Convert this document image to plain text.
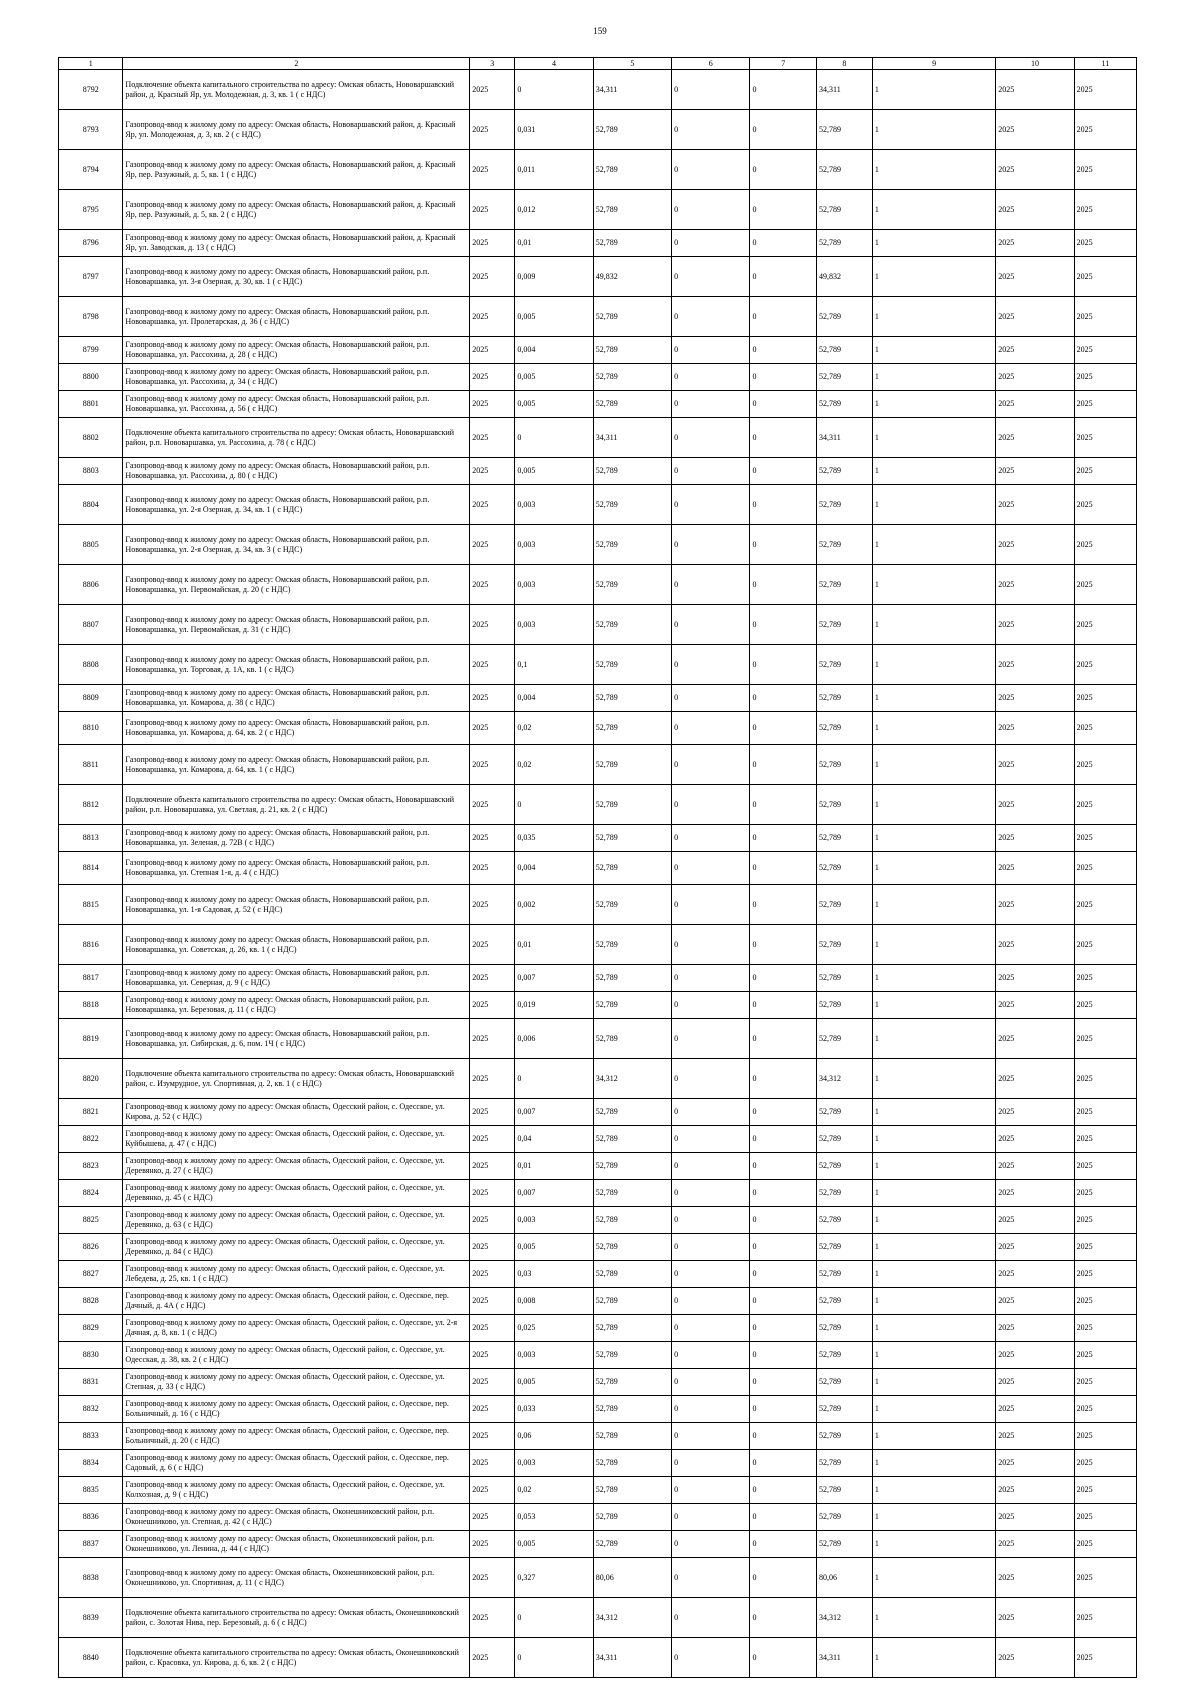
159
1	2	3	4	5	6	7	8	9	10	11
8792	Подключение объекта капитального строительства по адресу: Омская область, Нововаршавский район, д. Красный Яр, ул. Молодежная, д. 3, кв. 1 ( с НДС)	2025	0	34,311	0	0	34,311	1	2025	2025
8793	Газопровод-ввод к жилому дому по адресу: Омская область, Нововаршавский район, д. Красный Яр, ул. Молодежная, д. 3, кв. 2 ( с НДС)	2025	0,031	52,789	0	0	52,789	1	2025	2025
8794	Газопровод-ввод к жилому дому по адресу: Омская область, Нововаршавский район, д. Красный Яр, пер. Разужный, д. 5, кв. 1 ( с НДС)	2025	0,011	52,789	0	0	52,789	1	2025	2025
8795	Газопровод-ввод к жилому дому по адресу: Омская область, Нововаршавский район, д. Красный Яр, пер. Разужный, д. 5, кв. 2 ( с НДС)	2025	0,012	52,789	0	0	52,789	1	2025	2025
8796	Газопровод-ввод к жилому дому по адресу: Омская область, Нововаршавский район, д. Красный Яр, ул. Заводская, д. 13 ( с НДС)	2025	0,01	52,789	0	0	52,789	1	2025	2025
8797	Газопровод-ввод к жилому дому по адресу: Омская область, Нововаршавский район, р.п. Нововаршавка, ул. 3-я Озерная, д. 30, кв. 1 ( с НДС)	2025	0,009	49,832	0	0	49,832	1	2025	2025
8798	Газопровод-ввод к жилому дому по адресу: Омская область, Нововаршавский район, р.п. Нововаршавка, ул. Пролетарская, д. 36 ( с НДС)	2025	0,005	52,789	0	0	52,789	1	2025	2025
8799	Газопровод-ввод к жилому дому по адресу: Омская область, Нововаршавский район, р.п. Нововаршавка, ул. Рассохина, д. 28 ( с НДС)	2025	0,004	52,789	0	0	52,789	1	2025	2025
8800	Газопровод-ввод к жилому дому по адресу: Омская область, Нововаршавский район, р.п. Нововаршавка, ул. Рассохина, д. 34 ( с НДС)	2025	0,005	52,789	0	0	52,789	1	2025	2025
8801	Газопровод-ввод к жилому дому по адресу: Омская область, Нововаршавский район, р.п. Нововаршавка, ул. Рассохина, д. 56 ( с НДС)	2025	0,005	52,789	0	0	52,789	1	2025	2025
8802	Подключение объекта капитального строительства по адресу: Омская область, Нововаршавский район, р.п. Нововаршавка, ул. Рассохина, д. 78 ( с НДС)	2025	0	34,311	0	0	34,311	1	2025	2025
8803	Газопровод-ввод к жилому дому по адресу: Омская область, Нововаршавский район, р.п. Нововаршавка, ул. Рассохина, д. 80 ( с НДС)	2025	0,005	52,789	0	0	52,789	1	2025	2025
8804	Газопровод-ввод к жилому дому по адресу: Омская область, Нововаршавский район, р.п. Нововаршавка, ул. 2-я Озерная, д. 34, кв. 1 ( с НДС)	2025	0,003	52,789	0	0	52,789	1	2025	2025
8805	Газопровод-ввод к жилому дому по адресу: Омская область, Нововаршавский район, р.п. Нововаршавка, ул. 2-я Озерная, д. 34, кв. 3 ( с НДС)	2025	0,003	52,789	0	0	52,789	1	2025	2025
8806	Газопровод-ввод к жилому дому по адресу: Омская область, Нововаршавский район, р.п. Нововаршавка, ул. Первомайская, д. 20 ( с НДС)	2025	0,003	52,789	0	0	52,789	1	2025	2025
8807	Газопровод-ввод к жилому дому по адресу: Омская область, Нововаршавский район, р.п. Нововаршавка, ул. Первомайская, д. 31 ( с НДС)	2025	0,003	52,789	0	0	52,789	1	2025	2025
8808	Газопровод-ввод к жилому дому по адресу: Омская область, Нововаршавский район, р.п. Нововаршавка, ул. Торговая, д. 1А, кв. 1 ( с НДС)	2025	0,1	52,789	0	0	52,789	1	2025	2025
8809	Газопровод-ввод к жилому дому по адресу: Омская область, Нововаршавский район, р.п. Нововаршавка, ул. Комарова, д. 38 ( с НДС)	2025	0,004	52,789	0	0	52,789	1	2025	2025
8810	Газопровод-ввод к жилому дому по адресу: Омская область, Нововаршавский район, р.п. Нововаршавка, ул. Комарова, д. 64, кв. 2 ( с НДС)	2025	0,02	52,789	0	0	52,789	1	2025	2025
8811	Газопровод-ввод к жилому дому по адресу: Омская область, Нововаршавский район, р.п. Нововаршавка, ул. Комарова, д. 64, кв. 1 ( с НДС)	2025	0,02	52,789	0	0	52,789	1	2025	2025
8812	Подключение объекта капитального строительства по адресу: Омская область, Нововаршавский район, р.п. Нововаршавка, ул. Светлая, д. 21, кв. 2 ( с НДС)	2025	0	52,789	0	0	52,789	1	2025	2025
8813	Газопровод-ввод к жилому дому по адресу: Омская область, Нововаршавский район, р.п. Нововаршавка, ул. Зеленая, д. 72В ( с НДС)	2025	0,035	52,789	0	0	52,789	1	2025	2025
8814	Газопровод-ввод к жилому дому по адресу: Омская область, Нововаршавский район, р.п. Нововаршавка, ул. Степная 1-я, д. 4 ( с НДС)	2025	0,004	52,789	0	0	52,789	1	2025	2025
8815	Газопровод-ввод к жилому дому по адресу: Омская область, Нововаршавский район, р.п. Нововаршавка, ул. 1-я Садовая, д. 52 ( с НДС)	2025	0,002	52,789	0	0	52,789	1	2025	2025
8816	Газопровод-ввод к жилому дому по адресу: Омская область, Нововаршавский район, р.п. Нововаршавка, ул. Советская, д. 26, кв. 1 ( с НДС)	2025	0,01	52,789	0	0	52,789	1	2025	2025
8817	Газопровод-ввод к жилому дому по адресу: Омская область, Нововаршавский район, р.п. Нововаршавка, ул. Северная, д. 9 ( с НДС)	2025	0,007	52,789	0	0	52,789	1	2025	2025
8818	Газопровод-ввод к жилому дому по адресу: Омская область, Нововаршавский район, р.п. Нововаршавка, ул. Березовая, д. 11 ( с НДС)	2025	0,019	52,789	0	0	52,789	1	2025	2025
8819	Газопровод-ввод к жилому дому по адресу: Омская область, Нововаршавский район, р.п. Нововаршавка, ул. Сибирская, д. 6, пом. 1Ч ( с НДС)	2025	0,006	52,789	0	0	52,789	1	2025	2025
8820	Подключение объекта капитального строительства по адресу: Омская область, Нововаршавский район, с. Изумрудное, ул. Спортивная, д. 2, кв. 1 ( с НДС)	2025	0	34,312	0	0	34,312	1	2025	2025
8821	Газопровод-ввод к жилому дому по адресу: Омская область, Одесский район, с. Одесское, ул. Кирова, д. 52 ( с НДС)	2025	0,007	52,789	0	0	52,789	1	2025	2025
8822	Газопровод-ввод к жилому дому по адресу: Омская область, Одесский район, с. Одесское, ул. Куйбышева, д. 47 ( с НДС)	2025	0,04	52,789	0	0	52,789	1	2025	2025
8823	Газопровод-ввод к жилому дому по адресу: Омская область, Одесский район, с. Одесское, ул. Деревянко, д. 27 ( с НДС)	2025	0,01	52,789	0	0	52,789	1	2025	2025
8824	Газопровод-ввод к жилому дому по адресу: Омская область, Одесский район, с. Одесское, ул. Деревянко, д. 45 ( с НДС)	2025	0,007	52,789	0	0	52,789	1	2025	2025
8825	Газопровод-ввод к жилому дому по адресу: Омская область, Одесский район, с. Одесское, ул. Деревянко, д. 63 ( с НДС)	2025	0,003	52,789	0	0	52,789	1	2025	2025
8826	Газопровод-ввод к жилому дому по адресу: Омская область, Одесский район, с. Одесское, ул. Деревянко, д. 84 ( с НДС)	2025	0,005	52,789	0	0	52,789	1	2025	2025
8827	Газопровод-ввод к жилому дому по адресу: Омская область, Одесский район, с. Одесское, ул. Лебедева, д. 25, кв. 1 ( с НДС)	2025	0,03	52,789	0	0	52,789	1	2025	2025
8828	Газопровод-ввод к жилому дому по адресу: Омская область, Одесский район, с. Одесское, пер. Дачный, д. 4А ( с НДС)	2025	0,008	52,789	0	0	52,789	1	2025	2025
8829	Газопровод-ввод к жилому дому по адресу: Омская область, Одесский район, с. Одесское, ул. 2-я Дачная, д. 8, кв. 1 ( с НДС)	2025	0,025	52,789	0	0	52,789	1	2025	2025
8830	Газопровод-ввод к жилому дому по адресу: Омская область, Одесский район, с. Одесское, ул. Одесская, д. 38, кв. 2 ( с НДС)	2025	0,003	52,789	0	0	52,789	1	2025	2025
8831	Газопровод-ввод к жилому дому по адресу: Омская область, Одесский район, с. Одесское, ул. Степная, д. 33 ( с НДС)	2025	0,005	52,789	0	0	52,789	1	2025	2025
8832	Газопровод-ввод к жилому дому по адресу: Омская область, Одесский район, с. Одесское, пер. Больничный, д. 16 ( с НДС)	2025	0,033	52,789	0	0	52,789	1	2025	2025
8833	Газопровод-ввод к жилому дому по адресу: Омская область, Одесский район, с. Одесское, пер. Больничный, д. 20 ( с НДС)	2025	0,06	52,789	0	0	52,789	1	2025	2025
8834	Газопровод-ввод к жилому дому по адресу: Омская область, Одесский район, с. Одесское, пер. Садовый, д. 6 ( с НДС)	2025	0,003	52,789	0	0	52,789	1	2025	2025
8835	Газопровод-ввод к жилому дому по адресу: Омская область, Одесский район, с. Одесское, ул. Колхозная, д. 9 ( с НДС)	2025	0,02	52,789	0	0	52,789	1	2025	2025
8836	Газопровод-ввод к жилому дому по адресу: Омская область, Оконешниковский район, р.п. Оконешниково, ул. Степная, д. 42 ( с НДС)	2025	0,053	52,789	0	0	52,789	1	2025	2025
8837	Газопровод-ввод к жилому дому по адресу: Омская область, Оконешниковский район, р.п. Оконешниково, ул. Ленина, д. 44 ( с НДС)	2025	0,005	52,789	0	0	52,789	1	2025	2025
8838	Газопровод-ввод к жилому дому по адресу: Омская область, Оконешниковский район, р.п. Оконешниково, ул. Спортивная, д. 11 ( с НДС)	2025	0,327	80,06	0	0	80,06	1	2025	2025
8839	Подключение объекта капитального строительства по адресу: Омская область, Оконешниковский район, с. Золотая Нива, пер. Березовый, д. 6 ( с НДС)	2025	0	34,312	0	0	34,312	1	2025	2025
8840	Подключение объекта капитального строительства по адресу: Омская область, Оконешниковский район, с. Красовка, ул. Кирова, д. 6, кв. 2 ( с НДС)	2025	0	34,311	0	0	34,311	1	2025	2025
